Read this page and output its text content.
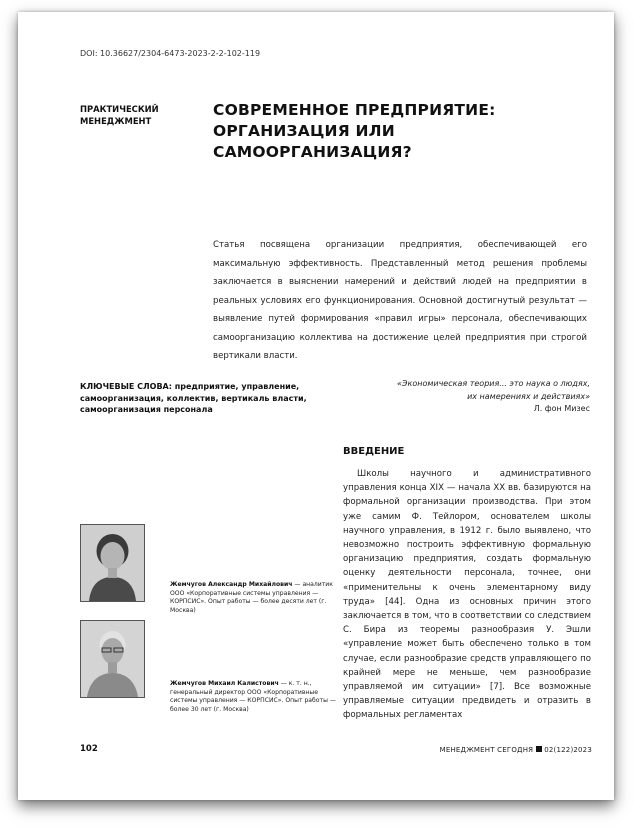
DOI: 10.36627/2304-6473-2023-2-2-102-119
ПРАКТИЧЕСКИЙ
МЕНЕДЖМЕНТ
СОВРЕМЕННОЕ ПРЕДПРИЯТИЕ:
ОРГАНИЗАЦИЯ ИЛИ САМООРГАНИЗАЦИЯ?
Статья посвящена организации предприятия, обеспечивающей его максимальную эффективность. Представленный метод решения проблемы заключается в выяснении намерений и действий людей на предприятии в реальных условиях его функционирования. Основной достигнутый результат — выявление путей формирования «правил игры» персонала, обеспечивающих самоорганизацию коллектива на достижение целей предприятия при строгой вертикали власти.
КЛЮЧЕВЫЕ СЛОВА: предприятие, управление, самоорганизация, коллектив, вертикаль власти, самоорганизация персонала
«Экономическая теория... это наука о людях,
их намерениях и действиях»
Л. фон Мизес
ВВЕДЕНИЕ

Школы научного и административного управления конца XIX — начала XX вв. базируются на формальной организации производства. При этом уже самим Ф. Тейлором, основателем школы научного управления, в 1912 г. было выявлено, что невозможно построить эффективную формальную организацию предприятия, создать формальную оценку деятельности персонала, точнее, они «применительны к очень элементарному виду труда» [44]. Одна из основных причин этого заключается в том, что в соответствии со следствием С. Бира из теоремы разнообразия У. Эшли «управление может быть обеспечено только в том случае, если разнообразие средств управляющего по крайней мере не меньше, чем разнообразие управляемой им ситуации» [7]. Все возможные управляемые ситуации предвидеть и отразить в формальных регламентах

Жемчугов Александр Михайлович — аналитик ООО «Корпоративные системы управления — КОРПСИС». Опыт работы — более десяти лет (г. Москва)
Жемчугов Михаил Калистович — к. т. н., генеральный директор ООО «Корпоративные системы управления — КОРПСИС». Опыт работы — более 30 лет (г. Москва)
102	МЕНЕДЖМЕНТ СЕГОДНЯ 02(122)2023
